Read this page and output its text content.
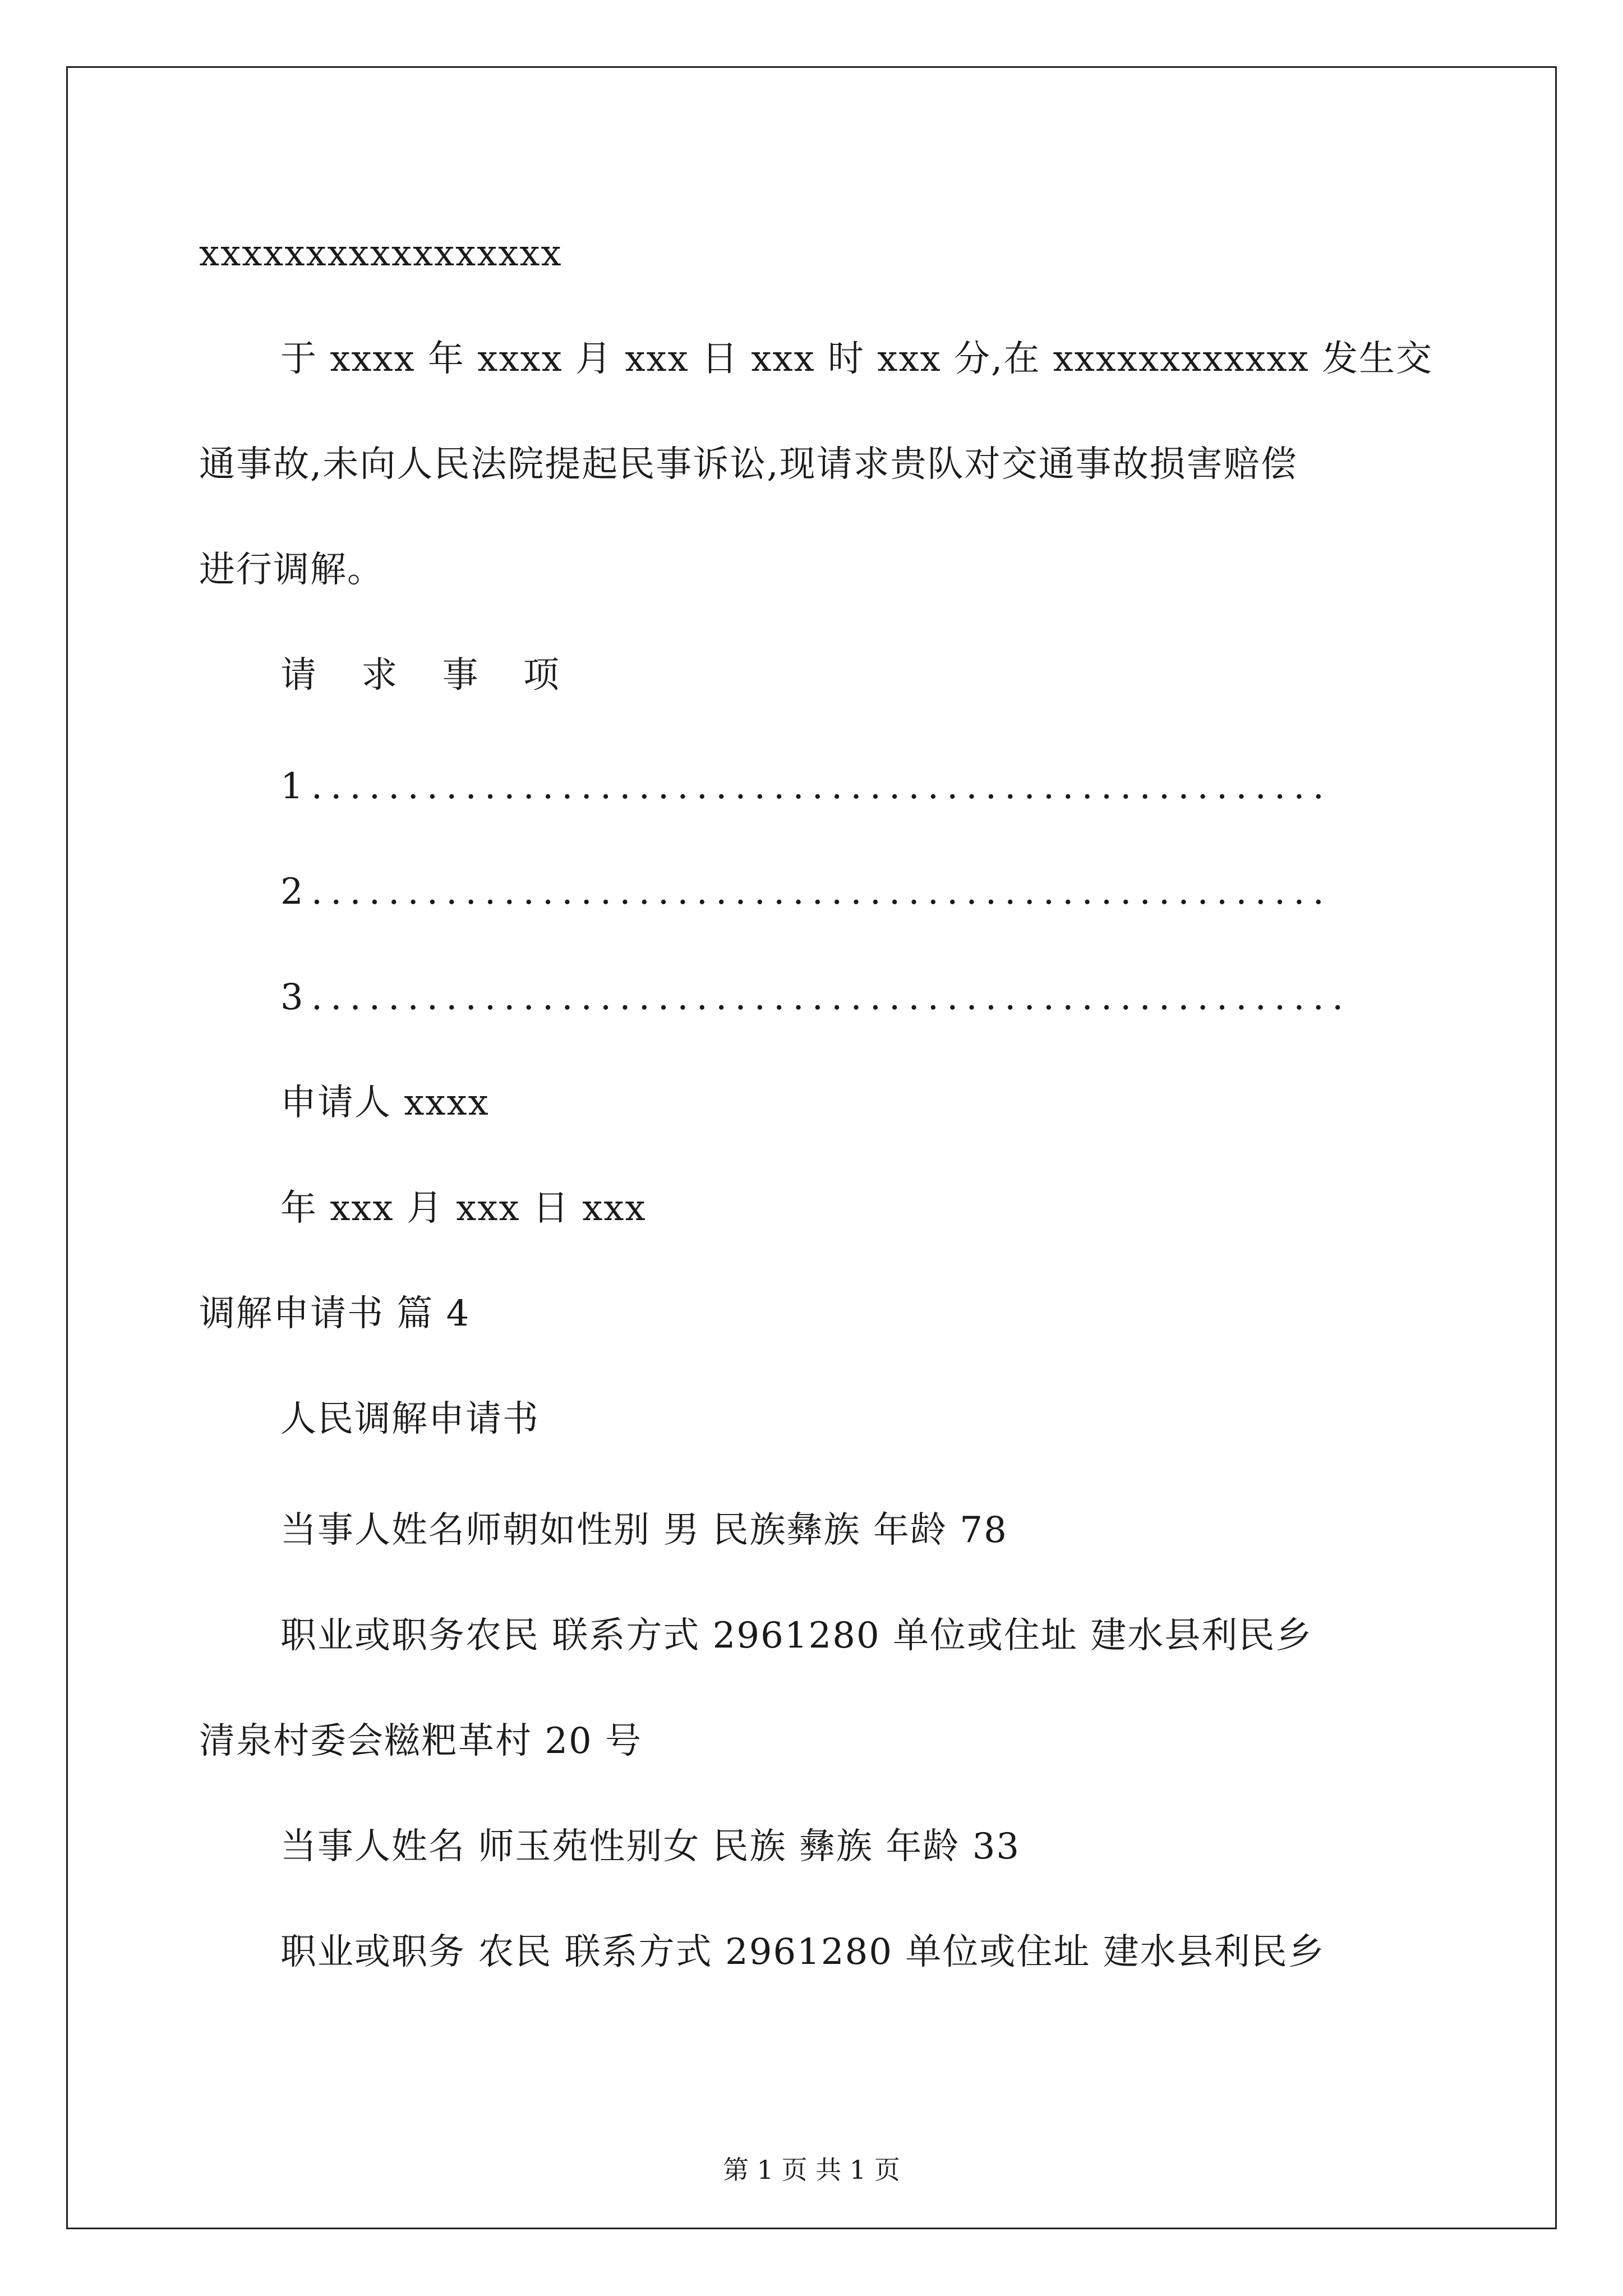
xxxxxxxxxxxxxxxxx
于 xxxx 年 xxxx 月 xxx 日 xxx 时 xxx 分,在 xxxxxxxxxxxx 发生交
通事故,未向人民法院提起民事诉讼,现请求贵队对交通事故损害赔偿
进行调解。
请 求 事 项
1.....................................................
2.....................................................
3......................................................
申请人 xxxx
年 xxx 月 xxx 日 xxx
调解申请书 篇 4
人民调解申请书
当事人姓名师朝如性别 男 民族彝族 年龄 78
职业或职务农民 联系方式 2961280 单位或住址 建水县利民乡
清泉村委会糍粑革村 20 号
当事人姓名 师玉苑性别女 民族 彝族 年龄 33
职业或职务 农民 联系方式 2961280 单位或住址 建水县利民乡
第 1 页 共 1 页
